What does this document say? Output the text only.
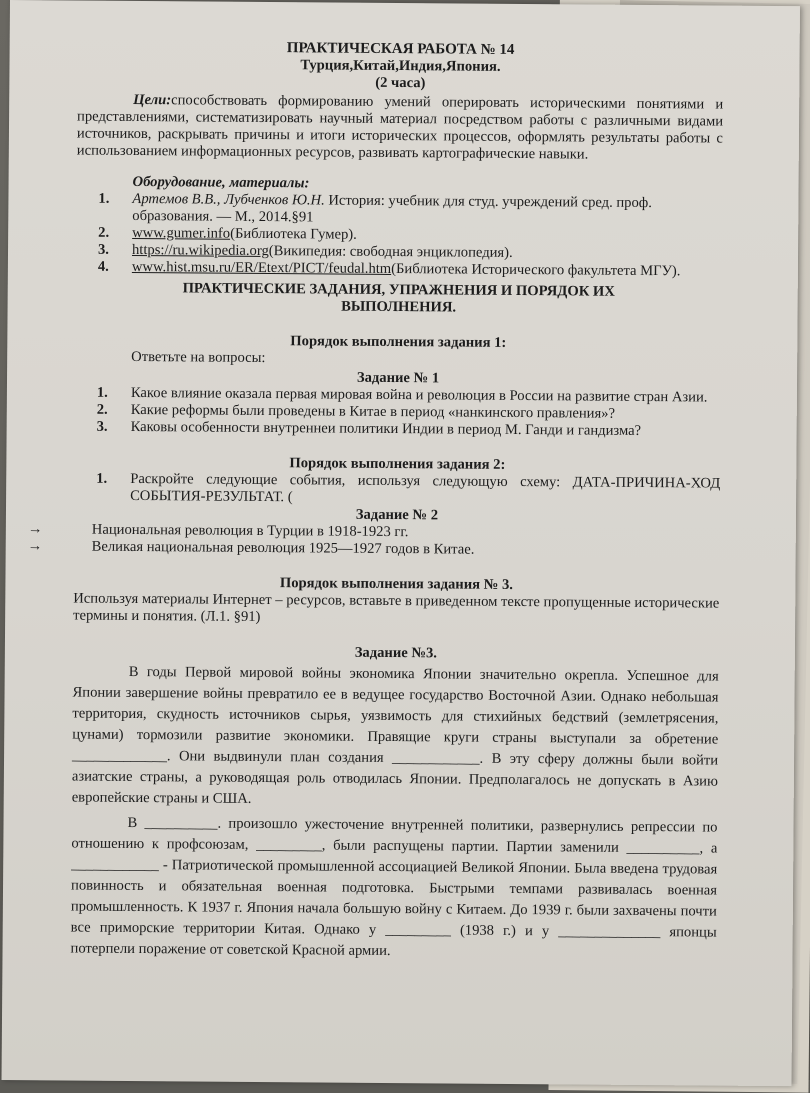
ПРАКТИЧЕСКАЯ РАБОТА № 14
Турция,Китай,Индия,Япония.
(2 часа)
Цели:способствовать формированию умений оперировать историческими понятиями и представлениями, систематизировать научный материал посредством работы с различными видами источников, раскрывать причины и итоги исторических процессов, оформлять результаты работы с использованием информационных ресурсов, развивать картографические навыки.
Оборудование, материалы:
1.	Артемов В.В., Лубченков Ю.Н. История: учебник для студ. учреждений сред. проф. образования. — М., 2014.§91
2.	www.gumer.info(Библиотека Гумер).
3.	https://ru.wikipedia.org(Википедия: свободная энциклопедия).
4.	www.hist.msu.ru/ER/Etext/PICT/feudal.htm(Библиотека Исторического факультета МГУ).
ПРАКТИЧЕСКИЕ ЗАДАНИЯ, УПРАЖНЕНИЯ И ПОРЯДОК ИХ ВЫПОЛНЕНИЯ.
Порядок выполнения задания 1:
Ответьте на вопросы:
Задание № 1
1.	Какое влияние оказала первая мировая война и революция в России на развитие стран Азии.
2.	Какие реформы были проведены в Китае в период «нанкинского правления»?
3.	Каковы особенности внутреннеи политики Индии в период М. Ганди и гандизма?
Порядок выполнения задания 2:
1.	Раскройте следующие события, используя следующую схему: ДАТА-ПРИЧИНА-ХОД СОБЫТИЯ-РЕЗУЛЬТАТ. (
Задание № 2
→	Национальная революция в Турции в 1918-1923 гг.
→	Великая национальная революция 1925—1927 годов в Китае.
Порядок выполнения задания № 3.
Используя материалы Интернет – ресурсов, вставьте в приведенном тексте пропущенные исторические термины и понятия. (Л.1. §91)
Задание №3.
В годы Первой мировой войны экономика Японии значительно окрепла. Успешное для Японии завершение войны превратило ее в ведущее государство Восточной Азии. Однако небольшая территория, скудность источников сырья, уязвимость для стихийных бедствий (землетрясения, цунами) тормозили развитие экономики. Правящие круги страны выступали за обретение _____________. Они выдвинули план создания ____________. В эту сферу должны были войти азиатские страны, а руководящая роль отводилась Японии. Предполагалось не допускать в Азию европейские страны и США.
В __________. произошло ужесточение внутренней политики, развернулись репрессии по отношению к профсоюзам, _________, были распущены партии. Партии заменили __________, а ____________ - Патриотической промышленной ассоциацией Великой Японии. Была введена трудовая повинность и обязательная военная подготовка. Быстрыми темпами развивалась военная промышленность. К 1937 г. Япония начала большую войну с Китаем. До 1939 г. были захвачены почти все приморские территории Китая. Однако у _________ (1938 г.) и у ______________ японцы потерпели поражение от советской Красной армии.
